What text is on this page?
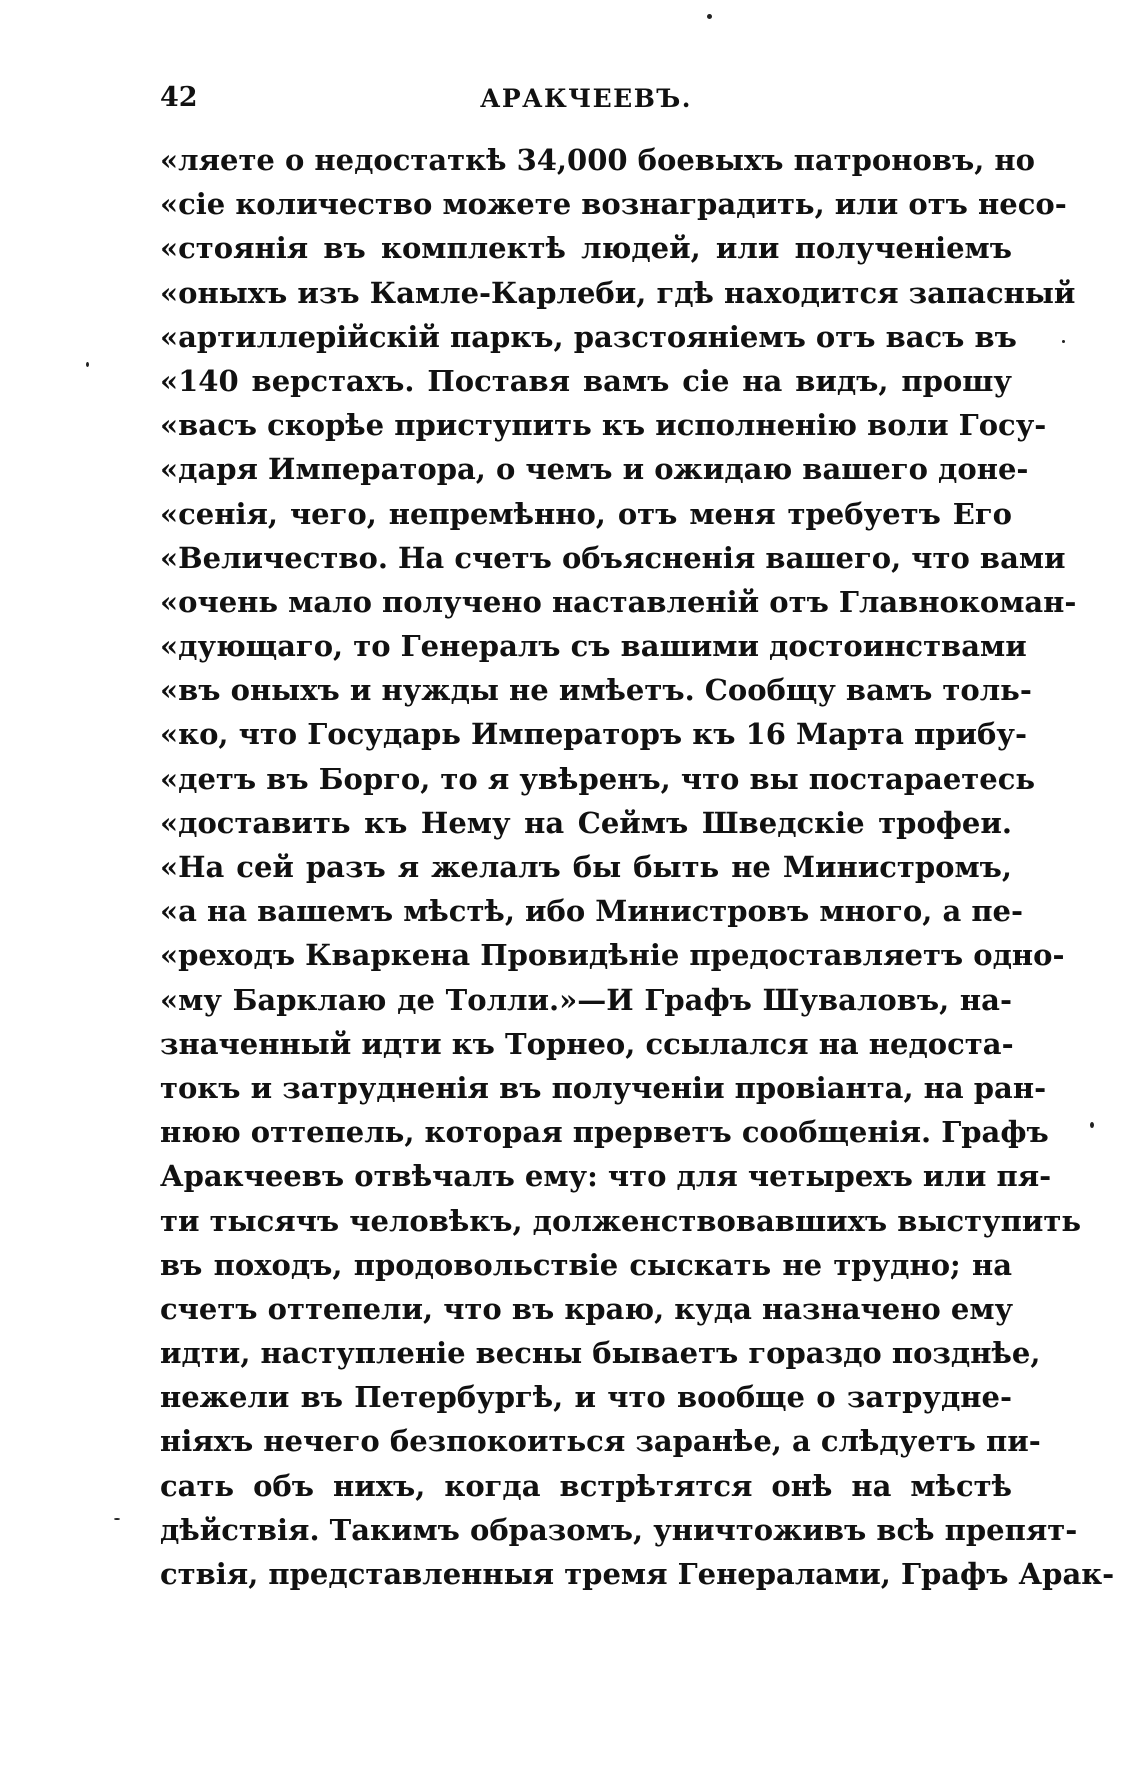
42	АРАКЧЕЕВЪ.
«ляете о недостаткѣ 34,000 боевыхъ патроновъ, но
«сіе количество можете вознаградить, или отъ несо-
«стоянія въ комплектѣ людей, или полученіемъ
«оныхъ изъ Камле-Карлеби, гдѣ находится запасный
«артиллерійскій паркъ, разстояніемъ отъ васъ въ
«140 верстахъ. Поставя вамъ сіе на видъ, прошу
«васъ скорѣе приступить къ исполненію воли Госу-
«даря Императора, о чемъ и ожидаю вашего доне-
«сенія, чего, непремѣнно, отъ меня требуетъ Его
«Величество. На счетъ объясненія вашего, что вами
«очень мало получено наставленій отъ Главнокоман-
«дующаго, то Генералъ съ вашими достоинствами
«въ оныхъ и нужды не имѣетъ. Сообщу вамъ толь-
«ко, что Государь Императоръ къ 16 Марта прибу-
«детъ въ Борго, то я увѣренъ, что вы постараетесь
«доставить къ Нему на Сеймъ Шведскіе трофеи.
«На сей разъ я желалъ бы быть не Министромъ,
«а на вашемъ мѣстѣ, ибо Министровъ много, а пе-
«реходъ Кваркена Провидѣніе предоставляетъ одно-
«му Барклаю де Толли.»—И Графъ Шуваловъ, на-
значенный идти къ Торнео, ссылался на недоста-
токъ и затрудненія въ полученіи провіанта, на ран-
нюю оттепель, которая прерветъ сообщенія. Графъ
Аракчеевъ отвѣчалъ ему: что для четырехъ или пя-
ти тысячъ человѣкъ, долженствовавшихъ выступить
въ походъ, продовольствіе сыскать не трудно; на
счетъ оттепели, что въ краю, куда назначено ему
идти, наступленіе весны бываетъ гораздо позднѣе,
нежели въ Петербургѣ, и что вообще о затрудне-
ніяхъ нечего безпокоиться заранѣе, а слѣдуетъ пи-
сать объ нихъ, когда встрѣтятся онѣ на мѣстѣ
дѣйствія. Такимъ образомъ, уничтоживъ всѣ препят-
ствія, представленныя тремя Генералами, Графъ Арак-
